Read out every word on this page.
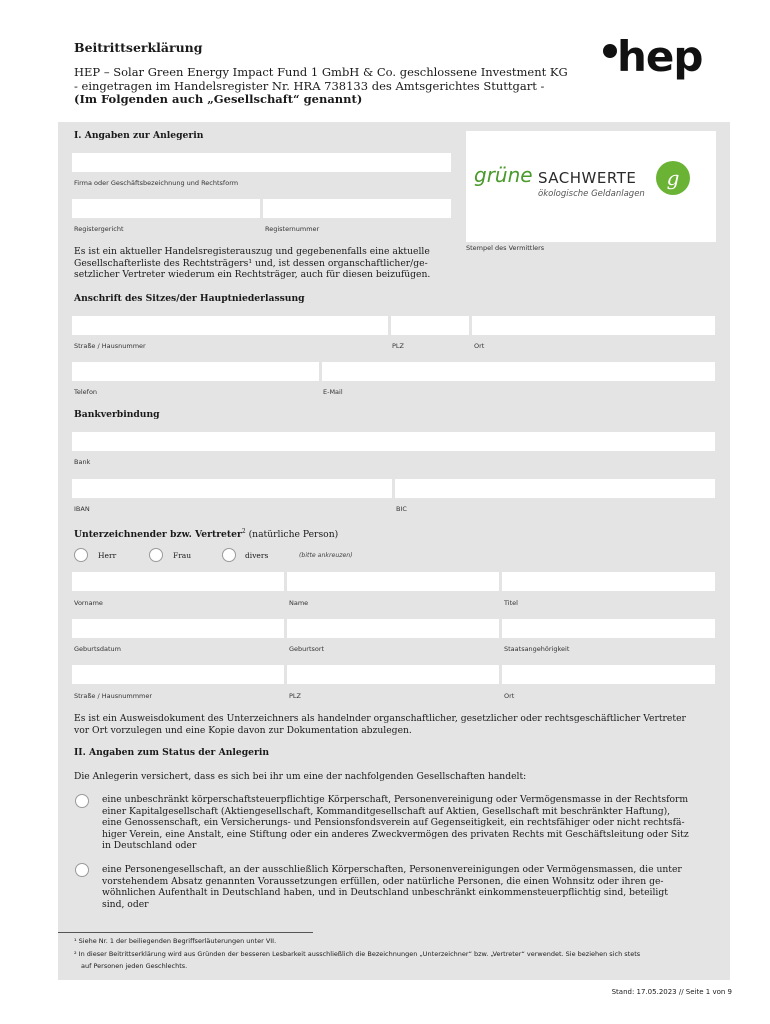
Beitrittserklärung
HEP – Solar Green Energy Impact Fund 1 GmbH & Co. geschlossene Investment KG
- eingetragen im Handelsregister Nr. HRA 738133 des Amtsgerichtes Stuttgart -
(Im Folgenden auch „Gesellschaft“ genannt)
hep
I. Angaben zur Anlegerin
Firma oder Geschäftsbezeichnung und Rechtsform
Registergericht	Registernummer
grüne SACHWERTE
ökologische Geldanlagen
g
Stempel des Vermittlers
Es ist ein aktueller Handelsregisterauszug und gegebenenfalls eine aktuelle
Gesellschafterliste des Rechtsträgers¹ und, ist dessen organschaftlicher/ge-
setzlicher Vertreter wiederum ein Rechtsträger, auch für diesen beizufügen.
Anschrift des Sitzes/der Hauptniederlassung
Straße / Hausnummer	PLZ	Ort
Telefon	E-Mail
Bankverbindung
Bank
IBAN	BIC
Unterzeichnender bzw. Vertreter$^2$ (natürliche Person)
Herr	Frau	divers	(bitte ankreuzen)
Vorname	Name	Titel
Geburtsdatum	Geburtsort	Staatsangehörigkeit
Straße / Hausnummmer	PLZ	Ort
Es ist ein Ausweisdokument des Unterzeichners als handelnder organschaftlicher, gesetzlicher oder rechtsgeschäftlicher Vertreter
vor Ort vorzulegen und eine Kopie davon zur Dokumentation abzulegen.
II. Angaben zum Status der Anlegerin
Die Anlegerin versichert, dass es sich bei ihr um eine der nachfolgenden Gesellschaften handelt:
eine unbeschränkt körperschaftsteuerpflichtige Körperschaft, Personenvereinigung oder Vermögensmasse in der Rechtsform
einer Kapitalgesellschaft (Aktiengesellschaft, Kommanditgesellschaft auf Aktien, Gesellschaft mit beschränkter Haftung),
eine Genossenschaft, ein Versicherungs- und Pensionsfondsverein auf Gegenseitigkeit, ein rechtsfähiger oder nicht rechtsfä-
higer Verein, eine Anstalt, eine Stiftung oder ein anderes Zweckvermögen des privaten Rechts mit Geschäftsleitung oder Sitz
in Deutschland oder
eine Personengesellschaft, an der ausschließlich Körperschaften, Personenvereinigungen oder Vermögensmassen, die unter
vorstehendem Absatz genannten Voraussetzungen erfüllen, oder natürliche Personen, die einen Wohnsitz oder ihren ge-
wöhnlichen Aufenthalt in Deutschland haben, und in Deutschland unbeschränkt einkommensteuerpflichtig sind, beteiligt
sind, oder
¹ Siehe Nr. 1 der beiliegenden Begriffserläuterungen unter VII.
² In dieser Beitrittserklärung wird aus Gründen der besseren Lesbarkeit ausschließlich die Bezeichnungen „Unterzeichner“ bzw. „Vertreter“ verwendet. Sie beziehen sich stets
auf Personen jeden Geschlechts.
Stand: 17.05.2023 // Seite 1 von 9
